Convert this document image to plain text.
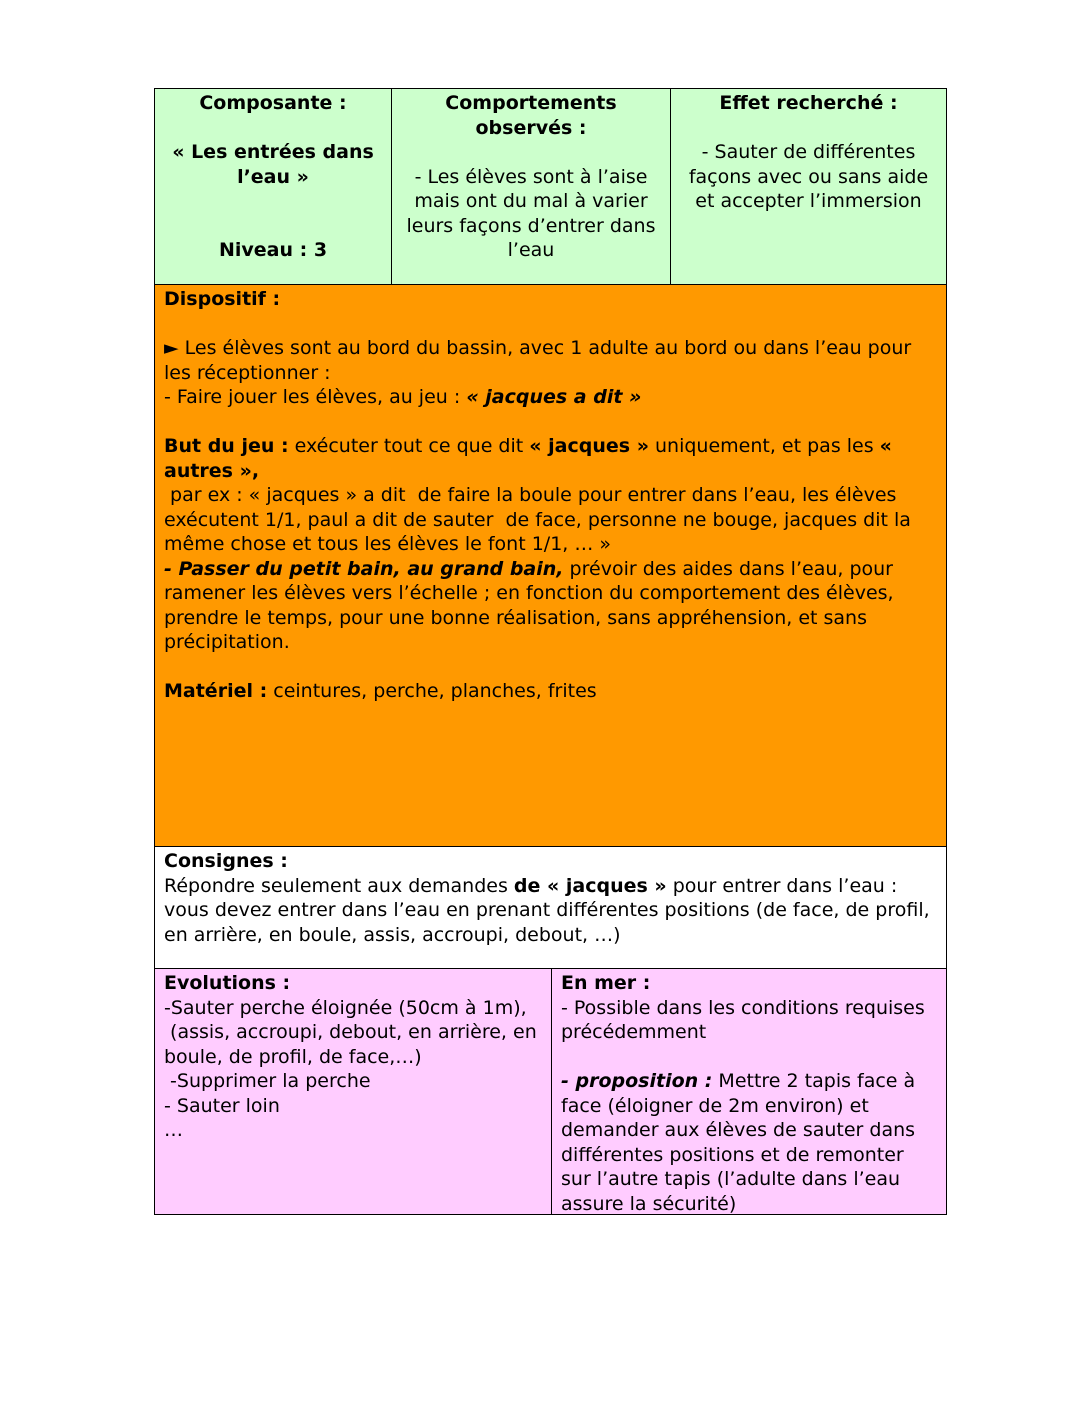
Composante :

« Les entrées dans l’eau »

Niveau : 3

Comportements observés :

- Les élèves sont à l’aise mais ont du mal à varier leurs façons d’entrer dans l’eau

Effet recherché :

- Sauter de différentes façons avec ou sans aide et accepter l’immersion

Dispositif :

► Les élèves sont au bord du bassin, avec 1 adulte au bord ou dans l’eau pour les réceptionner :

- Faire jouer les élèves, au jeu : « jacques a dit »

But du jeu : exécuter tout ce que dit « jacques » uniquement, et pas les « autres »,

par ex : « jacques » a dit  de faire la boule pour entrer dans l’eau, les élèves exécutent 1/1, paul a dit de sauter  de face, personne ne bouge, jacques dit la même chose et tous les élèves le font 1/1, … »

- Passer du petit bain, au grand bain, prévoir des aides dans l’eau, pour ramener les élèves vers l’échelle ; en fonction du comportement des élèves, prendre le temps, pour une bonne réalisation, sans appréhension, et sans précipitation.

Matériel : ceintures, perche, planches, frites

Consignes :

Répondre seulement aux demandes de « jacques » pour entrer dans l’eau : vous devez entrer dans l’eau en prenant différentes positions (de face, de profil, en arrière, en boule, assis, accroupi, debout, …)

Evolutions :

-Sauter perche éloignée (50cm à 1m),

(assis, accroupi, debout, en arrière, en boule, de profil, de face,…)

-Supprimer la perche

- Sauter loin

…

En mer :

- Possible dans les conditions requises précédemment

- proposition : Mettre 2 tapis face à face (éloigner de 2m environ) et demander aux élèves de sauter dans différentes positions et de remonter sur l’autre tapis (l’adulte dans l’eau assure la sécurité)
